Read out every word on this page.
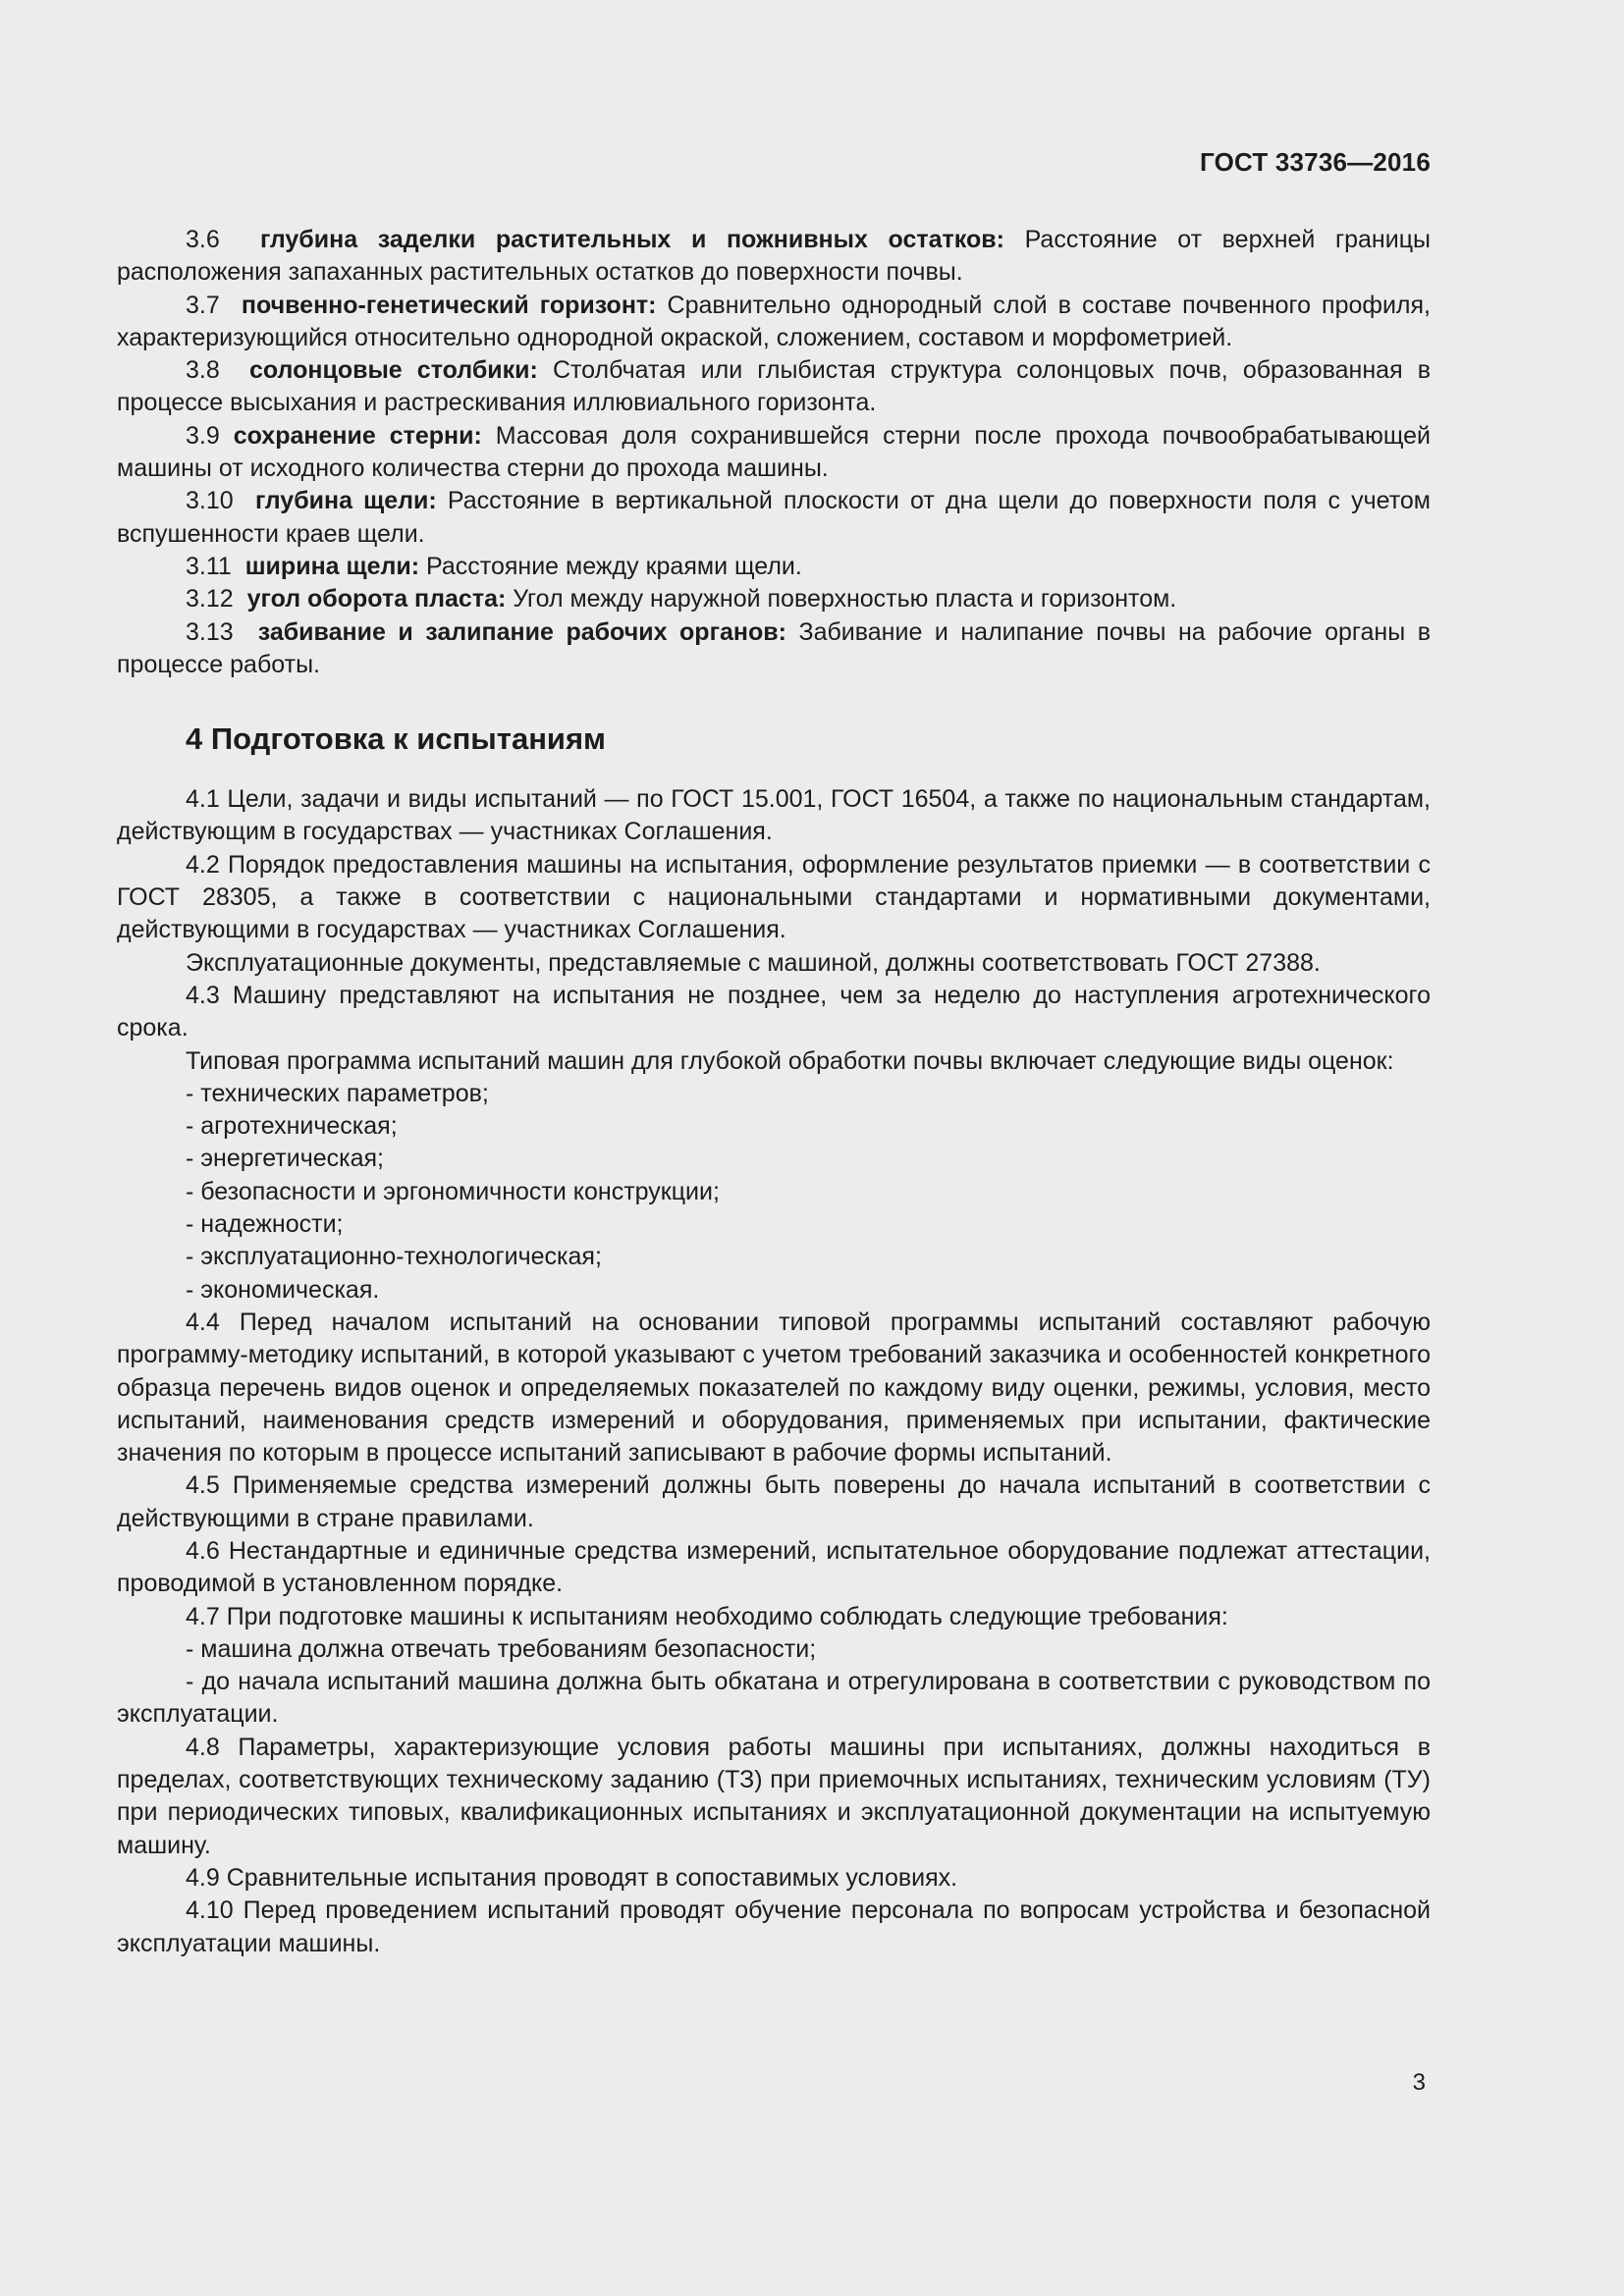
ГОСТ 33736—2016

3.6 глубина заделки растительных и пожнивных остатков: Расстояние от верхней границы расположения запаханных растительных остатков до поверхности почвы.

3.7 почвенно-генетический горизонт: Сравнительно однородный слой в составе почвенного профиля, характеризующийся относительно однородной окраской, сложением, составом и морфометрией.

3.8 солонцовые столбики: Столбчатая или глыбистая структура солонцовых почв, образованная в процессе высыхания и растрескивания иллювиального горизонта.

3.9 сохранение стерни: Массовая доля сохранившейся стерни после прохода почвообрабатывающей машины от исходного количества стерни до прохода машины.

3.10 глубина щели: Расстояние в вертикальной плоскости от дна щели до поверхности поля с учетом вспушенности краев щели.

3.11 ширина щели: Расстояние между краями щели.

3.12 угол оборота пласта: Угол между наружной поверхностью пласта и горизонтом.

3.13 забивание и залипание рабочих органов: Забивание и налипание почвы на рабочие органы в процессе работы.

4 Подготовка к испытаниям

4.1 Цели, задачи и виды испытаний — по ГОСТ 15.001, ГОСТ 16504, а также по национальным стандартам, действующим в государствах — участниках Соглашения.

4.2 Порядок предоставления машины на испытания, оформление результатов приемки — в соответствии с ГОСТ 28305, а также в соответствии с национальными стандартами и нормативными документами, действующими в государствах — участниках Соглашения.

Эксплуатационные документы, представляемые с машиной, должны соответствовать ГОСТ 27388.

4.3 Машину представляют на испытания не позднее, чем за неделю до наступления агротехнического срока.

Типовая программа испытаний машин для глубокой обработки почвы включает следующие виды оценок:

- технических параметров;

- агротехническая;

- энергетическая;

- безопасности и эргономичности конструкции;

- надежности;

- эксплуатационно-технологическая;

- экономическая.

4.4 Перед началом испытаний на основании типовой программы испытаний составляют рабочую программу-методику испытаний, в которой указывают с учетом требований заказчика и особенностей конкретного образца перечень видов оценок и определяемых показателей по каждому виду оценки, режимы, условия, место испытаний, наименования средств измерений и оборудования, применяемых при испытании, фактические значения по которым в процессе испытаний записывают в рабочие формы испытаний.

4.5 Применяемые средства измерений должны быть поверены до начала испытаний в соответствии с действующими в стране правилами.

4.6 Нестандартные и единичные средства измерений, испытательное оборудование подлежат аттестации, проводимой в установленном порядке.

4.7 При подготовке машины к испытаниям необходимо соблюдать следующие требования:

- машина должна отвечать требованиям безопасности;

- до начала испытаний машина должна быть обкатана и отрегулирована в соответствии с руководством по эксплуатации.

4.8 Параметры, характеризующие условия работы машины при испытаниях, должны находиться в пределах, соответствующих техническому заданию (ТЗ) при приемочных испытаниях, техническим условиям (ТУ) при периодических типовых, квалификационных испытаниях и эксплуатационной документации на испытуемую машину.

4.9 Сравнительные испытания проводят в сопоставимых условиях.

4.10 Перед проведением испытаний проводят обучение персонала по вопросам устройства и безопасной эксплуатации машины.

3
